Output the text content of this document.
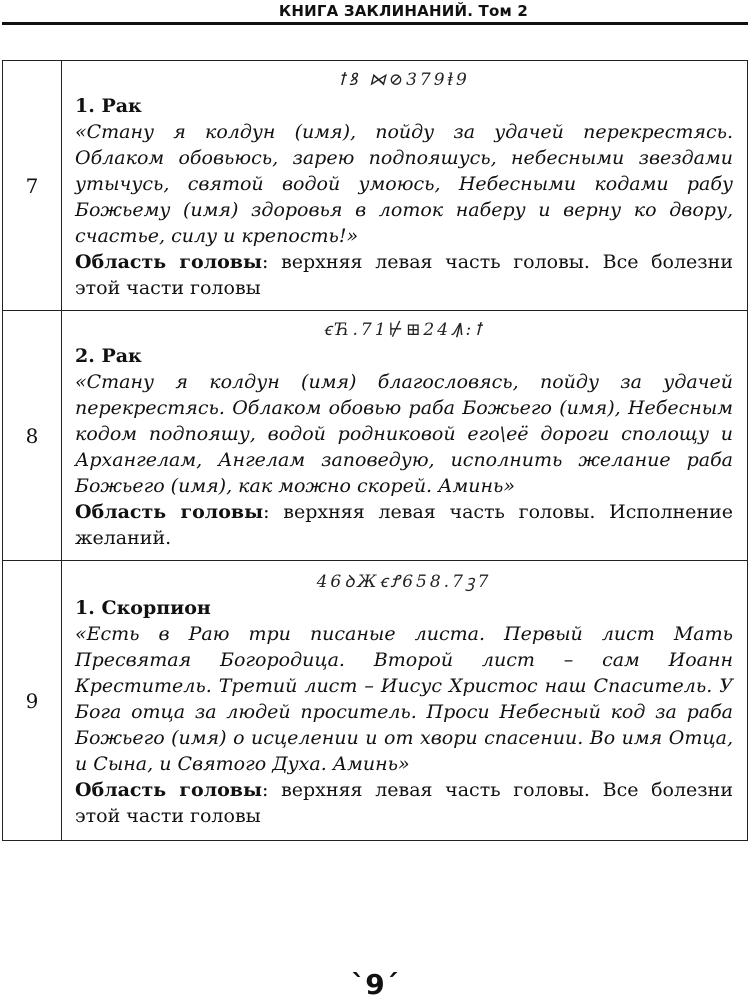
КНИГА ЗАКЛИНАНИЙ. Том 2
7	ꝉꝸ ⋈⊘379ⱡ9
1. Рак
«Стану я колдун (имя), пойду за удачей перекрестясь. Облаком обовьюсь, зарею подпояшусь, небесными звездами утычусь, святой водой умоюсь, Небесными кодами рабу Божьему (имя) здоровья в лоток наберу и верну ко двору, счастье, силу и крепость!»
Область головы: верхняя левая часть головы. Все болезни этой части головы

8	ꞓЋ.71⊬⊞24Ꙟ:ꝉ
2. Рак
«Стану я колдун (имя) благословясь, пойду за удачей перекрестясь. Облаком обовью раба Божьего (имя), Небесным кодом подпояшу, водой родниковой его\её дороги сполощу и Архангелам, Ангелам заповедую, исполнить желание раба Божьего (имя), как можно скорей. Аминь»
Область головы: верхняя левая часть головы. Исполнение желаний.

9	46ꝺЖꞓꝬ658.7ꝫ7
1. Скорпион
«Есть в Раю три писаные листа. Первый лист Мать Пресвятая Богородица. Второй лист – сам Иоанн Креститель. Третий лист – Иисус Христос наш Спаситель. У Бога отца за людей проситель. Проси Небесный код за раба Божьего (имя) о исцелении и от хвори спасении. Во имя Отца, и Сына, и Святого Духа. Аминь»
Область головы: верхняя левая часть головы. Все болезни этой части головы
`9´
